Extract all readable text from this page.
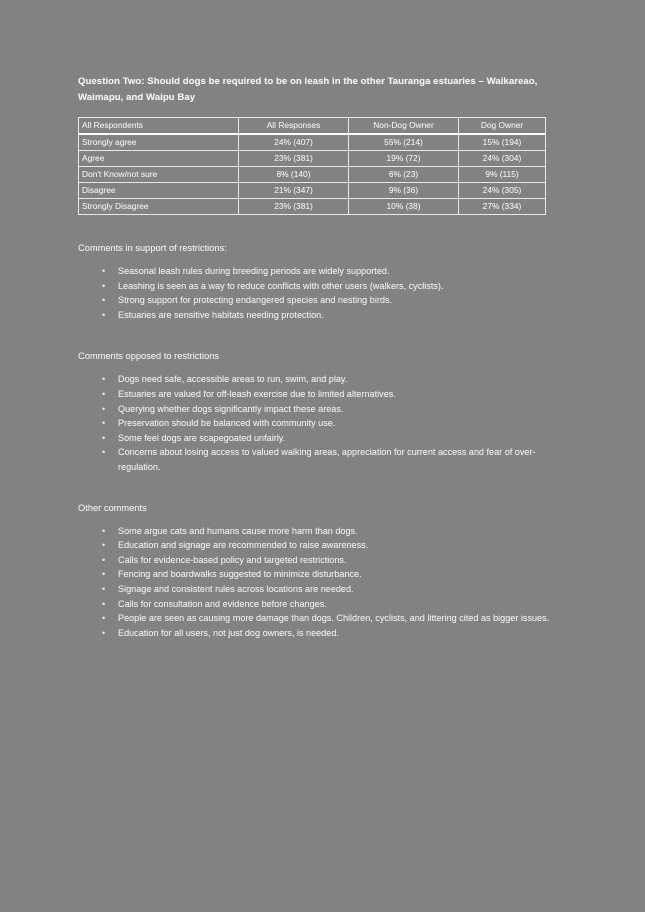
Question Two: Should dogs be required to be on leash in the other Tauranga estuaries – Waikareao, Waimapu, and Waipu Bay

All Respondents	All Responses	Non-Dog Owner	Dog Owner
Strongly agree	24% (407)	55% (214)	15% (194)
Agree	23% (381)	19% (72)	24% (304)
Don't Know/not sure	8% (140)	6% (23)	9% (115)
Disagree	21% (347)	9% (36)	24% (305)
Strongly Disagree	23% (381)	10% (38)	27% (334)

Comments in support of restrictions:

• Seasonal leash rules during breeding periods are widely supported.
• Leashing is seen as a way to reduce conflicts with other users (walkers, cyclists).
• Strong support for protecting endangered species and nesting birds.
• Estuaries are sensitive habitats needing protection.

Comments opposed to restrictions

• Dogs need safe, accessible areas to run, swim, and play.
• Estuaries are valued for off-leash exercise due to limited alternatives.
• Querying whether dogs significantly impact these areas.
• Preservation should be balanced with community use.
• Some feel dogs are scapegoated unfairly.
• Concerns about losing access to valued walking areas, appreciation for current access and fear of over-regulation.

Other comments

• Some argue cats and humans cause more harm than dogs.
• Education and signage are recommended to raise awareness.
• Calls for evidence-based policy and targeted restrictions.
• Fencing and boardwalks suggested to minimize disturbance.
• Signage and consistent rules across locations are needed.
• Calls for consultation and evidence before changes.
• People are seen as causing more damage than dogs. Children, cyclists, and littering cited as bigger issues.
• Education for all users, not just dog owners, is needed.
